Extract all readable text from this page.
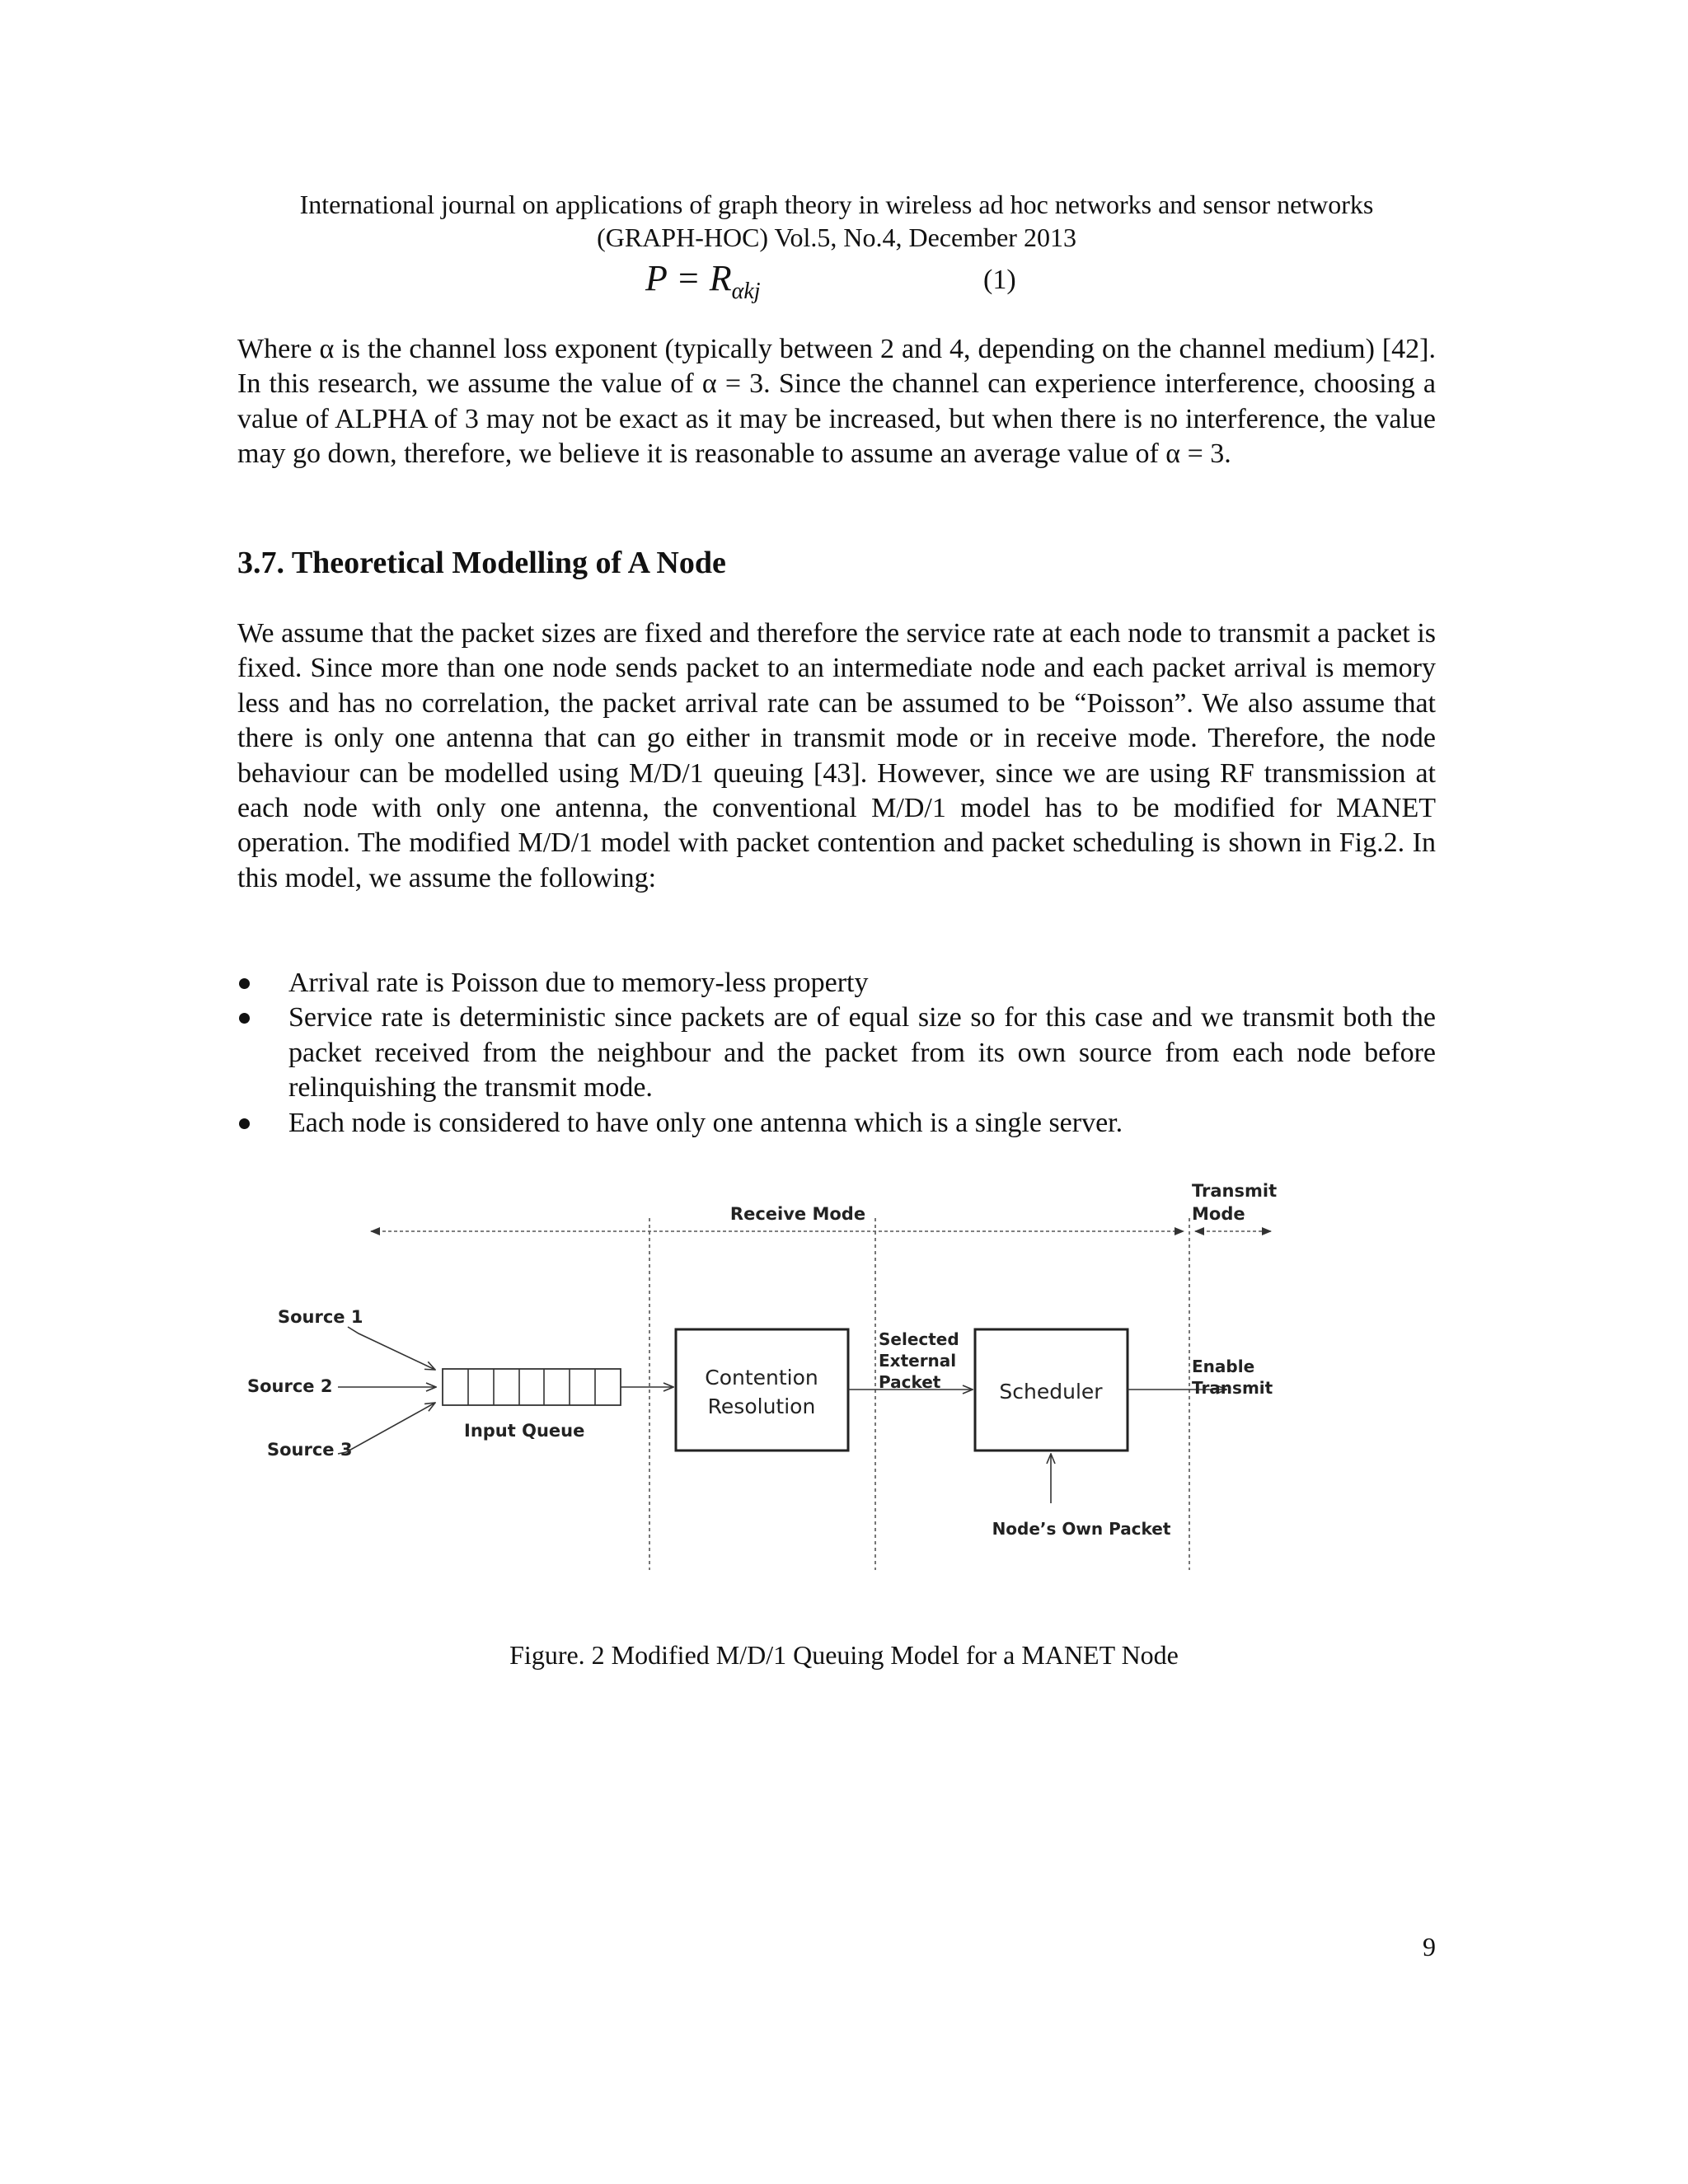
International journal on applications of graph theory in wireless ad hoc networks and sensor networks
(GRAPH-HOC) Vol.5, No.4, December 2013
$P = R_{\alpha kj}$	(1)
Where α is the channel loss exponent (typically between 2 and 4, depending on the channel medium) [42]. In this research, we assume the value of α = 3. Since the channel can experience interference, choosing a value of ALPHA of 3 may not be exact as it may be increased, but when there is no interference, the value may go down, therefore, we believe it is reasonable to assume an average value of α = 3.
3.7. Theoretical Modelling of A Node
We assume that the packet sizes are fixed and therefore the service rate at each node to transmit a packet is fixed. Since more than one node sends packet to an intermediate node and each packet arrival is memory less and has no correlation, the packet arrival rate can be assumed to be “Poisson”. We also assume that there is only one antenna that can go either in transmit mode or in receive mode. Therefore, the node behaviour can be modelled using M/D/1 queuing [43]. However, since we are using RF transmission at each node with only one antenna, the conventional M/D/1 model has to be modified for MANET operation. The modified M/D/1 model with packet contention and packet scheduling is shown in Fig.2. In this model, we assume the following:
Arrival rate is Poisson due to memory-less property
Service rate is deterministic since packets are of equal size so for this case and we transmit both the packet received from the neighbour and the packet from its own source from each node before relinquishing the transmit mode.
Each node is considered to have only one antenna which is a single server.
Receive Mode
Transmit
Mode
Source 1
Source 2
Source 3
Input Queue
Contention
Resolution
Selected
External
Packet	Scheduler
Enable
Transmit
Node’s Own Packet
Figure. 2 Modified M/D/1 Queuing Model for a MANET Node
9
